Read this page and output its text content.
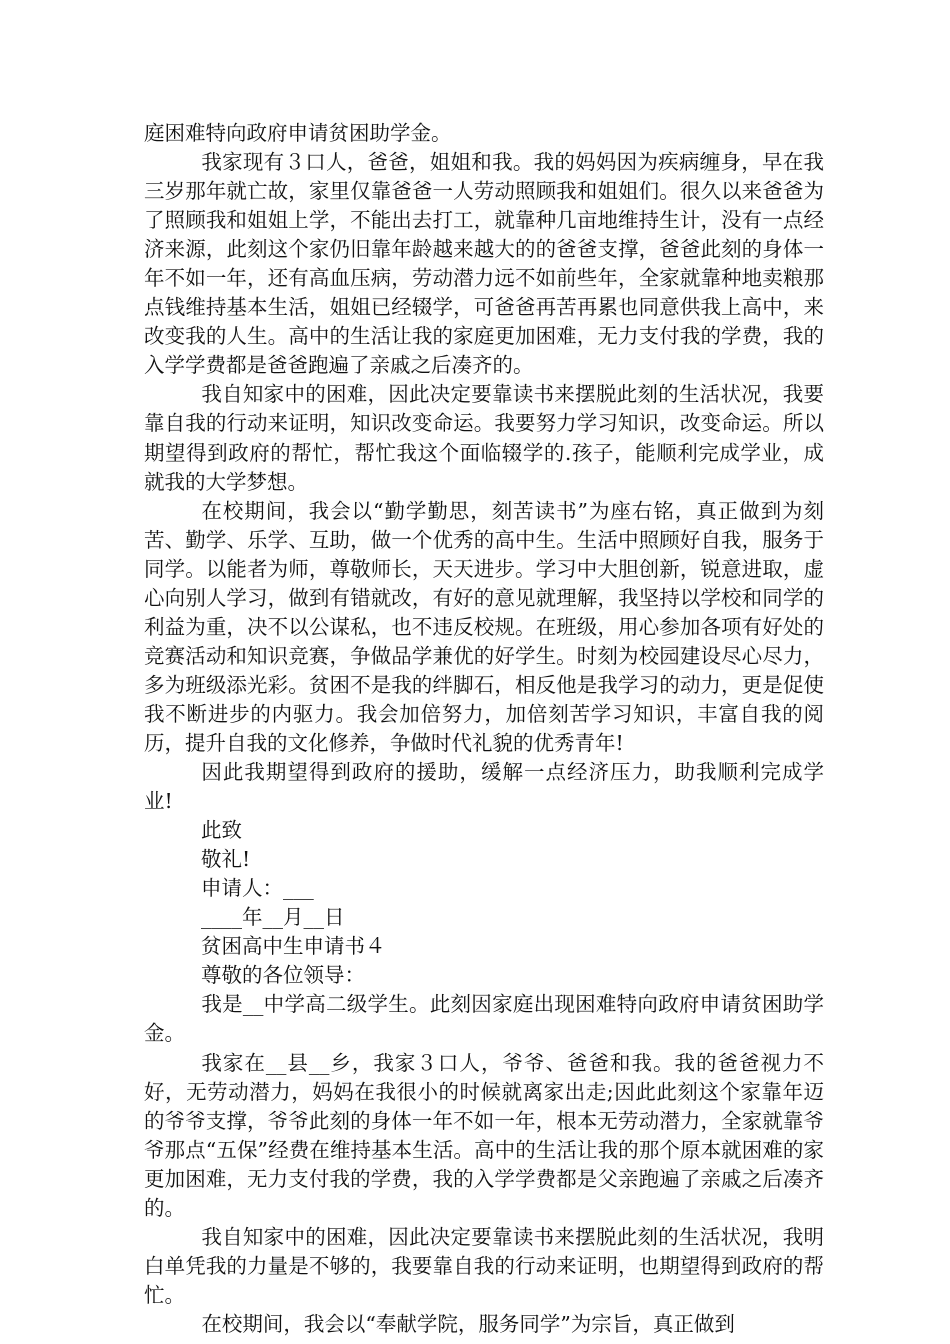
庭困难特向政府申请贫困助学金。

我家现有３口人，爸爸，姐姐和我。我的妈妈因为疾病缠身，早在我三岁那年就亡故，家里仅靠爸爸一人劳动照顾我和姐姐们。很久以来爸爸为了照顾我和姐姐上学，不能出去打工，就靠种几亩地维持生计，没有一点经济来源，此刻这个家仍旧靠年龄越来越大的的爸爸支撑，爸爸此刻的身体一年不如一年，还有高血压病，劳动潜力远不如前些年，全家就靠种地卖粮那点钱维持基本生活，姐姐已经辍学，可爸爸再苦再累也同意供我上高中，来改变我的人生。高中的生活让我的家庭更加困难，无力支付我的学费，我的入学学费都是爸爸跑遍了亲戚之后凑齐的。

我自知家中的困难，因此决定要靠读书来摆脱此刻的生活状况，我要靠自我的行动来证明，知识改变命运。我要努力学习知识，改变命运。所以期望得到政府的帮忙，帮忙我这个面临辍学的.孩子，能顺利完成学业，成就我的大学梦想。

在校期间，我会以“勤学勤思，刻苦读书”为座右铭，真正做到为刻苦、勤学、乐学、互助，做一个优秀的高中生。生活中照顾好自我，服务于同学。以能者为师，尊敬师长，天天进步。学习中大胆创新，锐意进取，虚心向别人学习，做到有错就改，有好的意见就理解，我坚持以学校和同学的利益为重，决不以公谋私，也不违反校规。在班级，用心参加各项有好处的竞赛活动和知识竞赛，争做品学兼优的好学生。时刻为校园建设尽心尽力，多为班级添光彩。贫困不是我的绊脚石，相反他是我学习的动力，更是促使我不断进步的内驱力。我会加倍努力，加倍刻苦学习知识，丰富自我的阅历，提升自我的文化修养，争做时代礼貌的优秀青年!

因此我期望得到政府的援助，缓解一点经济压力，助我顺利完成学业!

此致

敬礼!

申请人：___

____年__月__日

贫困高中生申请书４

尊敬的各位领导：

我是__中学高二级学生。此刻因家庭出现困难特向政府申请贫困助学金。

我家在__县__乡，我家３口人，爷爷、爸爸和我。我的爸爸视力不好，无劳动潜力，妈妈在我很小的时候就离家出走;因此此刻这个家靠年迈的爷爷支撑，爷爷此刻的身体一年不如一年，根本无劳动潜力，全家就靠爷爷那点“五保”经费在维持基本生活。高中的生活让我的那个原本就困难的家更加困难，无力支付我的学费，我的入学学费都是父亲跑遍了亲戚之后凑齐的。

我自知家中的困难，因此决定要靠读书来摆脱此刻的生活状况，我明白单凭我的力量是不够的，我要靠自我的行动来证明，也期望得到政府的帮忙。

在校期间，我会以“奉献学院，服务同学”为宗旨，真正做到
